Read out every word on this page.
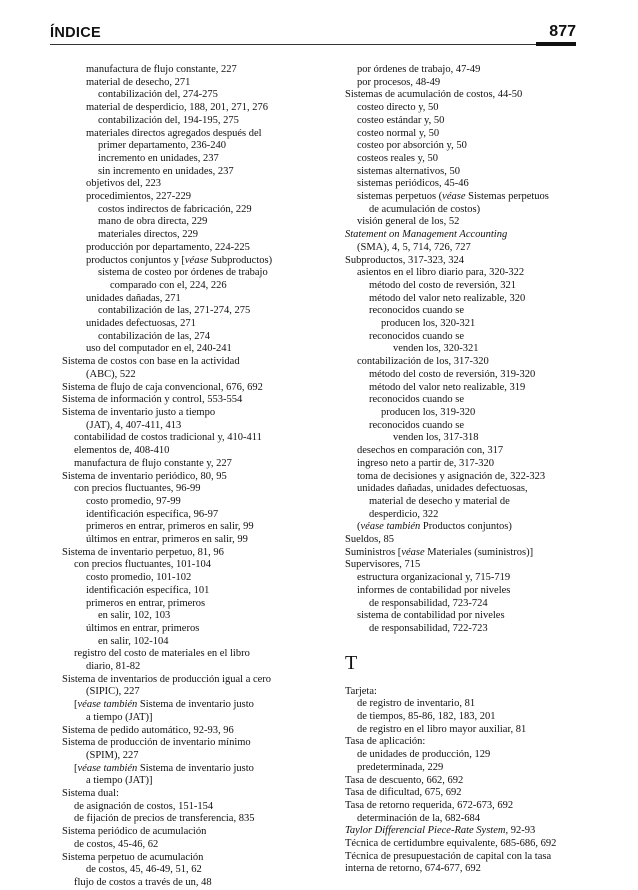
ÍNDICE	877
manufactura de flujo constante, 227
material de desecho, 271
contabilización del, 274-275
material de desperdicio, 188, 201, 271, 276
contabilización del, 194-195, 275
materiales directos agregados después del
primer departamento, 236-240
incremento en unidades, 237
sin incremento en unidades, 237
objetivos del, 223
procedimientos, 227-229
costos indirectos de fabricación, 229
mano de obra directa, 229
materiales directos, 229
producción por departamento, 224-225
productos conjuntos y [véase Subproductos)
sistema de costeo por órdenes de trabajo
comparado con el, 224, 226
unidades dañadas, 271
contabilización de las, 271-274, 275
unidades defectuosas, 271
contabilización de las, 274
uso del computador en el, 240-241
Sistema de costos con base en la actividad
(ABC), 522
Sistema de flujo de caja convencional, 676, 692
Sistema de información y control, 553-554
Sistema de inventario justo a tiempo
(JAT), 4, 407-411, 413
contabilidad de costos tradicional y, 410-411
elementos de, 408-410
manufactura de flujo constante y, 227
Sistema de inventario periódico, 80, 95
con precios fluctuantes, 96-99
costo promedio, 97-99
identificación específica, 96-97
primeros en entrar, primeros en salir, 99
últimos en entrar, primeros en salir, 99
Sistema de inventario perpetuo, 81, 96
con precios fluctuantes, 101-104
costo promedio, 101-102
identificación específica, 101
primeros en entrar, primeros
en salir, 102, 103
últimos en entrar, primeros
en salir, 102-104
registro del costo de materiales en el libro
diario, 81-82
Sistema de inventarios de producción igual a cero
(SIPIC), 227
[véase también Sistema de inventario justo
a tiempo (JAT)]
Sistema de pedido automático, 92-93, 96
Sistema de producción de inventario mínimo
(SPIM), 227
[véase también Sistema de inventario justo
a tiempo (JAT)]
Sistema dual:
de asignación de costos, 151-154
de fijación de precios de transferencia, 835
Sistema periódico de acumulación
de costos, 45-46, 62
Sistema perpetuo de acumulación
de costos, 45, 46-49, 51, 62
flujo de costos a través de un, 48
por órdenes de trabajo, 47-49
por procesos, 48-49
Sistemas de acumulación de costos, 44-50
costeo directo y, 50
costeo estándar y, 50
costeo normal y, 50
costeo por absorción y, 50
costeos reales y, 50
sistemas alternativos, 50
sistemas periódicos, 45-46
sistemas perpetuos (véase Sistemas perpetuos
de acumulación de costos)
visión general de los, 52
Statement on Management Accounting
(SMA), 4, 5, 714, 726, 727
Subproductos, 317-323, 324
asientos en el libro diario para, 320-322
método del costo de reversión, 321
método del valor neto realizable, 320
reconocidos cuando se
producen los, 320-321
reconocidos cuando se
venden los, 320-321
contabilización de los, 317-320
método del costo de reversión, 319-320
método del valor neto realizable, 319
reconocidos cuando se
producen los, 319-320
reconocidos cuando se
venden los, 317-318
desechos en comparación con, 317
ingreso neto a partir de, 317-320
toma de decisiones y asignación de, 322-323
unidades dañadas, unidades defectuosas,
material de desecho y material de
desperdicio, 322
(véase también Productos conjuntos)
Sueldos, 85
Suministros [véase Materiales (suministros)]
Supervisores, 715
estructura organizacional y, 715-719
informes de contabilidad por niveles
de responsabilidad, 723-724
sistema de contabilidad por niveles
de responsabilidad, 722-723
T
Tarjeta:
de registro de inventario, 81
de tiempos, 85-86, 182, 183, 201
de registro en el libro mayor auxiliar, 81
Tasa de aplicación:
de unidades de producción, 129
predeterminada, 229
Tasa de descuento, 662, 692
Tasa de dificultad, 675, 692
Tasa de retorno requerida, 672-673, 692
determinación de la, 682-684
Taylor Differencial Piece-Rate System, 92-93
Técnica de certidumbre equivalente, 685-686, 692
Técnica de presupuestación de capital con la tasa
interna de retorno, 674-677, 692
